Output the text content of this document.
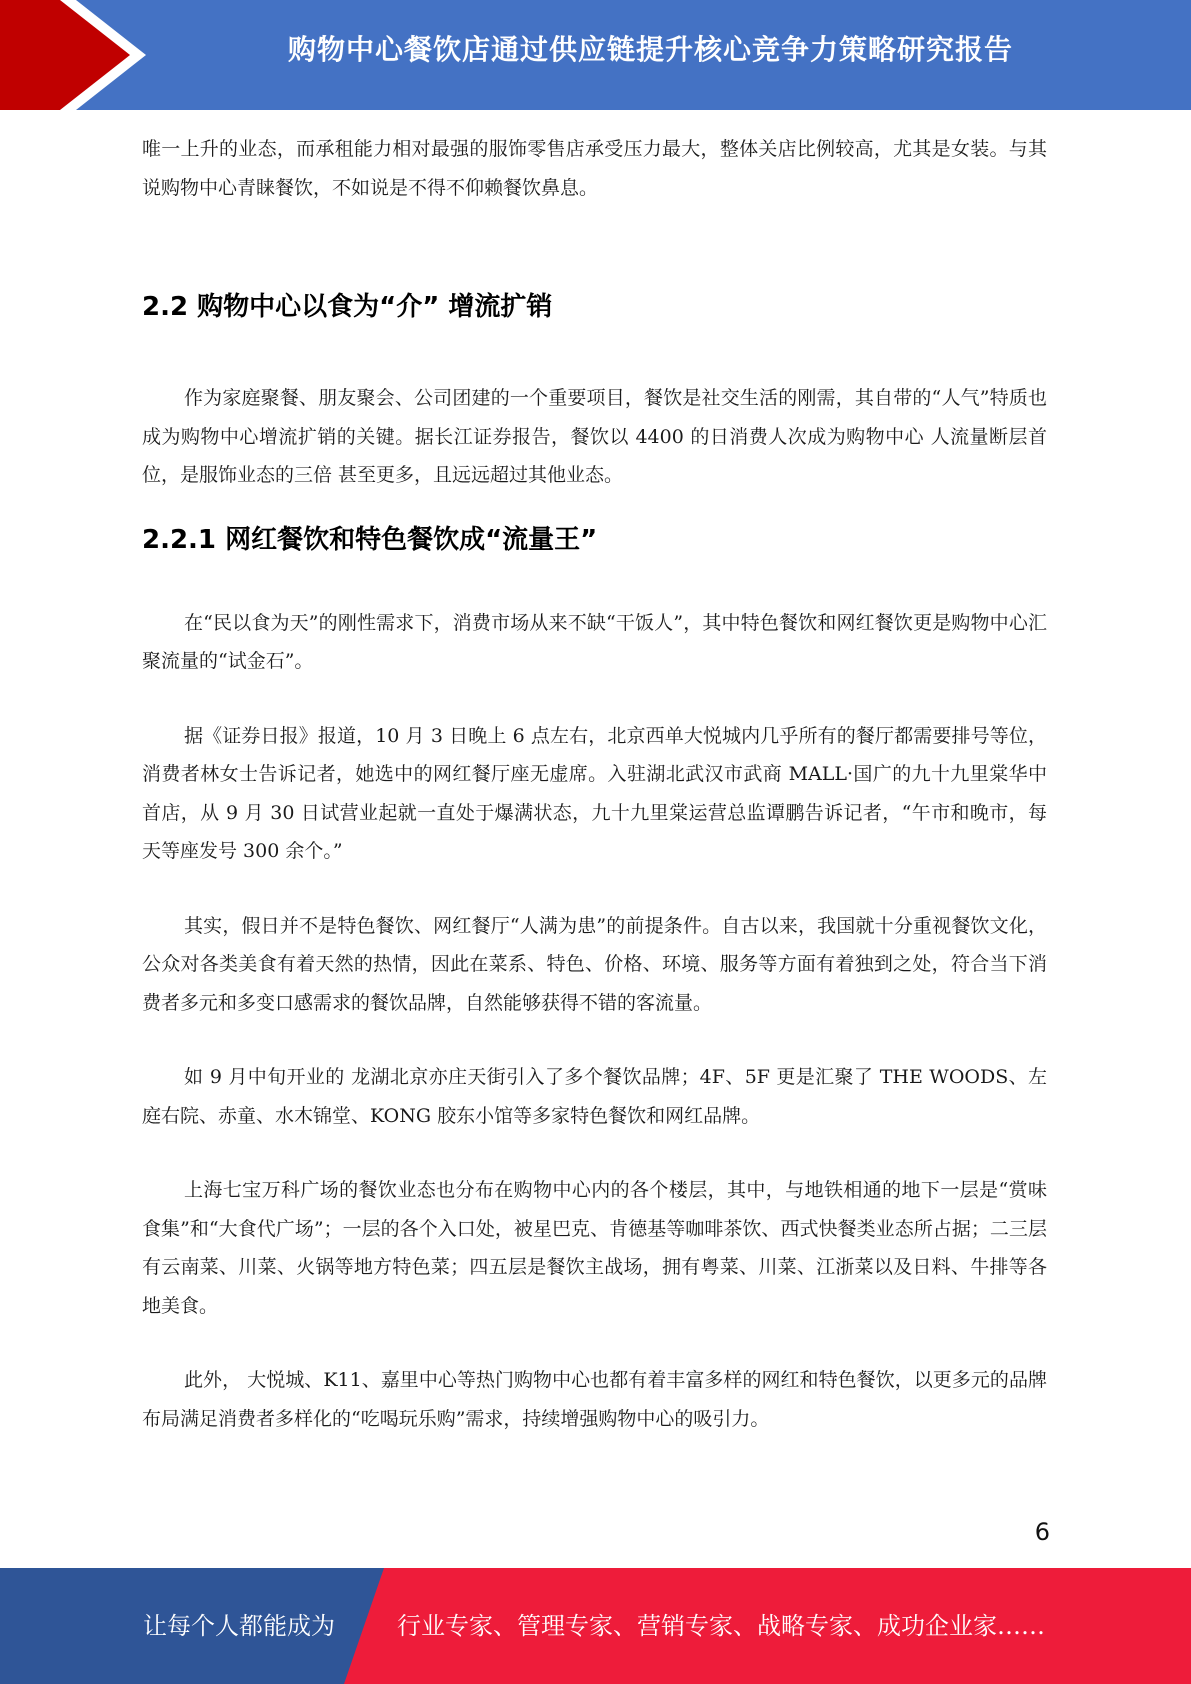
购物中心餐饮店通过供应链提升核心竞争力策略研究报告

唯一上升的业态，而承租能力相对最强的服饰零售店承受压力最大，整体关店比例较高，尤其是女装。与其说购物中心青睐餐饮，不如说是不得不仰赖餐饮鼻息。

2.2 购物中心以食为“介” 增流扩销

作为家庭聚餐、朋友聚会、公司团建的一个重要项目，餐饮是社交生活的刚需，其自带的“人气”特质也成为购物中心增流扩销的关键。据长江证券报告，餐饮以 4400 的日消费人次成为购物中心 人流量断层首位，是服饰业态的三倍 甚至更多，且远远超过其他业态。

2.2.1 网红餐饮和特色餐饮成“流量王”

在“民以食为天”的刚性需求下，消费市场从来不缺“干饭人”，其中特色餐饮和网红餐饮更是购物中心汇聚流量的“试金石”。

据《证券日报》报道，10 月 3 日晚上 6 点左右，北京西单大悦城内几乎所有的餐厅都需要排号等位，消费者林女士告诉记者，她选中的网红餐厅座无虚席。入驻湖北武汉市武商 MALL·国广的九十九里棠华中首店，从 9 月 30 日试营业起就一直处于爆满状态，九十九里棠运营总监谭鹏告诉记者，“午市和晚市，每天等座发号 300 余个。”

其实，假日并不是特色餐饮、网红餐厅“人满为患”的前提条件。自古以来，我国就十分重视餐饮文化，公众对各类美食有着天然的热情，因此在菜系、特色、价格、环境、服务等方面有着独到之处，符合当下消费者多元和多变口感需求的餐饮品牌，自然能够获得不错的客流量。

如 9 月中旬开业的 龙湖北京亦庄天街引入了多个餐饮品牌；4F、5F 更是汇聚了 THE WOODS、左庭右院、赤童、水木锦堂、KONG 胶东小馆等多家特色餐饮和网红品牌。

上海七宝万科广场的餐饮业态也分布在购物中心内的各个楼层，其中，与地铁相通的地下一层是“赏味食集”和“大食代广场”；一层的各个入口处，被星巴克、肯德基等咖啡茶饮、西式快餐类业态所占据；二三层有云南菜、川菜、火锅等地方特色菜；四五层是餐饮主战场，拥有粤菜、川菜、江浙菜以及日料、牛排等各地美食。

此外， 大悦城、K11、嘉里中心等热门购物中心也都有着丰富多样的网红和特色餐饮，以更多元的品牌布局满足消费者多样化的“吃喝玩乐购”需求，持续增强购物中心的吸引力。

6
让每个人都能成为	行业专家、管理专家、营销专家、战略专家、成功企业家……
